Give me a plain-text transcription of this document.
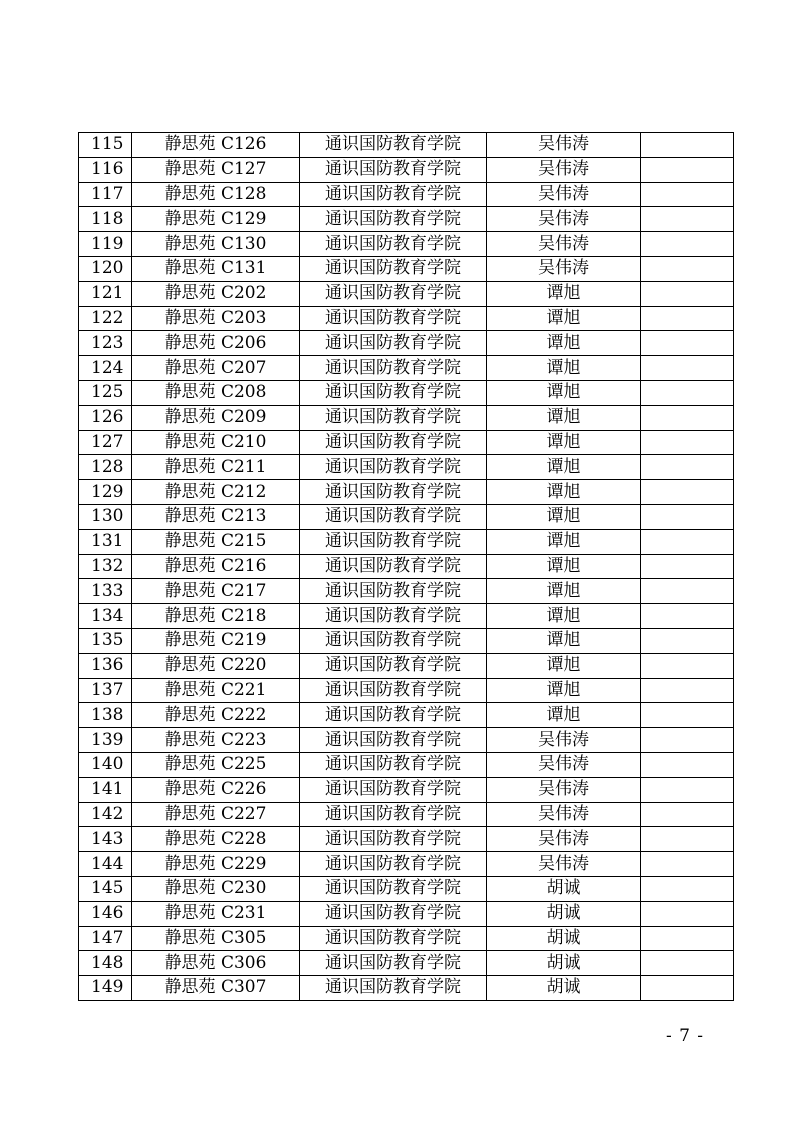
115	静思苑 C126	通识国防教育学院	吴伟涛	
116	静思苑 C127	通识国防教育学院	吴伟涛	
117	静思苑 C128	通识国防教育学院	吴伟涛	
118	静思苑 C129	通识国防教育学院	吴伟涛	
119	静思苑 C130	通识国防教育学院	吴伟涛	
120	静思苑 C131	通识国防教育学院	吴伟涛	
121	静思苑 C202	通识国防教育学院	谭旭	
122	静思苑 C203	通识国防教育学院	谭旭	
123	静思苑 C206	通识国防教育学院	谭旭	
124	静思苑 C207	通识国防教育学院	谭旭	
125	静思苑 C208	通识国防教育学院	谭旭	
126	静思苑 C209	通识国防教育学院	谭旭	
127	静思苑 C210	通识国防教育学院	谭旭	
128	静思苑 C211	通识国防教育学院	谭旭	
129	静思苑 C212	通识国防教育学院	谭旭	
130	静思苑 C213	通识国防教育学院	谭旭	
131	静思苑 C215	通识国防教育学院	谭旭	
132	静思苑 C216	通识国防教育学院	谭旭	
133	静思苑 C217	通识国防教育学院	谭旭	
134	静思苑 C218	通识国防教育学院	谭旭	
135	静思苑 C219	通识国防教育学院	谭旭	
136	静思苑 C220	通识国防教育学院	谭旭	
137	静思苑 C221	通识国防教育学院	谭旭	
138	静思苑 C222	通识国防教育学院	谭旭	
139	静思苑 C223	通识国防教育学院	吴伟涛	
140	静思苑 C225	通识国防教育学院	吴伟涛	
141	静思苑 C226	通识国防教育学院	吴伟涛	
142	静思苑 C227	通识国防教育学院	吴伟涛	
143	静思苑 C228	通识国防教育学院	吴伟涛	
144	静思苑 C229	通识国防教育学院	吴伟涛	
145	静思苑 C230	通识国防教育学院	胡诚	
146	静思苑 C231	通识国防教育学院	胡诚	
147	静思苑 C305	通识国防教育学院	胡诚	
148	静思苑 C306	通识国防教育学院	胡诚	
149	静思苑 C307	通识国防教育学院	胡诚	
- 7 -
